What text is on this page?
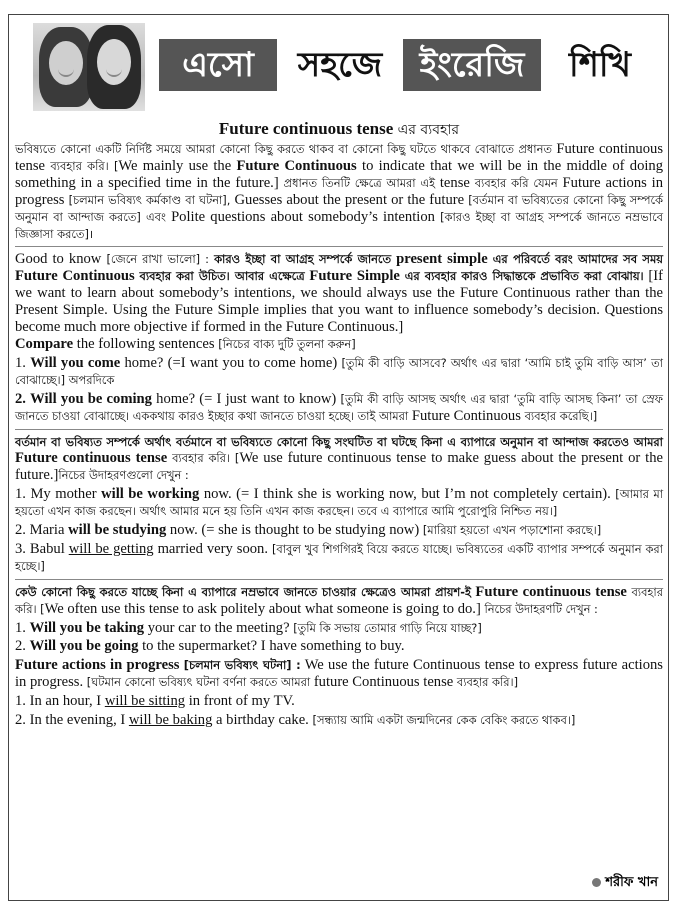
এসো	সহজে	ইংরেজি	শিখি
Future continuous tense এর ব্যবহার

ভবিষ্যতে কোনো একটি নির্দিষ্ট সময়ে আমরা কোনো কিছু করতে থাকব বা কোনো কিছু ঘটতে থাকবে বোঝাতে প্রধানত Future continuous tense ব্যবহার করি। [We mainly use the Future Continuous to indicate that we will be in the middle of doing something in a specified time in the future.] প্রধানত তিনটি ক্ষেত্রে আমরা এই tense ব্যবহার করি যেমন Future actions in progress [চলমান ভবিষ্যৎ কর্মকাণ্ড বা ঘটনা], Guesses about the present or the future [বর্তমান বা ভবিষ্যতের কোনো কিছু সম্পর্কে অনুমান বা আন্দাজ করতে] এবং Polite questions about somebody’s intention [কারও ইচ্ছা বা আগ্রহ সম্পর্কে জানতে নম্রভাবে জিজ্ঞাসা করতে]।

Good to know [জেনে রাখা ভালো] : কারও ইচ্ছা বা আগ্রহ সম্পর্কে জানতে present simple এর পরিবর্তে বরং আমাদের সব সময় Future Continuous ব্যবহার করা উচিত। আবার এক্ষেত্রে Future Simple এর ব্যবহার কারও সিদ্ধান্তকে প্রভাবিত করা বোঝায়। [If we want to learn about somebody’s intentions, we should always use the Future Continuous rather than the Present Simple. Using the Future Simple implies that you want to influence somebody’s decision. Questions become much more objective if formed in the Future Continuous.]
Compare the following sentences [নিচের বাক্য দুটি তুলনা করুন]

1. Will you come home? (=I want you to come home) [তুমি কী বাড়ি আসবে? অর্থাৎ এর দ্বারা ‘আমি চাই তুমি বাড়ি আস’ তা বোঝাচ্ছে।] অপরদিকে

2. Will you be coming home? (= I just want to know) [তুমি কী বাড়ি আসছ অর্থাৎ এর দ্বারা ‘তুমি বাড়ি আসছ কিনা’ তা স্রেফ জানতে চাওয়া বোঝাচ্ছে। এককথায় কারও ইচ্ছার কথা জানতে চাওয়া হচ্ছে। তাই আমরা Future Continuous ব্যবহার করেছি।]

বর্তমান বা ভবিষ্যত সম্পর্কে অর্থাৎ বর্তমানে বা ভবিষ্যতে কোনো কিছু সংঘটিত বা ঘটছে কিনা এ ব্যাপারে অনুমান বা আন্দাজ করতেও আমরা Future continuous tense ব্যবহার করি। [We use future continuous tense to make guess about the present or the future.]নিচের উদাহরণগুলো দেখুন :

1. My mother will be working now. (= I think she is working now, but I’m not completely certain). [আমার মা হয়তো এখন কাজ করছেন। অর্থাৎ আমার মনে হয় তিনি এখন কাজ করছেন। তবে এ ব্যাপারে আমি পুরোপুরি নিশ্চিত নয়।]

2. Maria will be studying now. (= she is thought to be studying now) [মারিয়া হয়তো এখন পড়াশোনা করছে।]

3. Babul will be getting married very soon. [বাবুল খুব শিগগিরই বিয়ে করতে যাচ্ছে। ভবিষ্যতের একটি ব্যাপার সম্পর্কে অনুমান করা হচ্ছে।]

কেউ কোনো কিছু করতে যাচ্ছে কিনা এ ব্যাপারে নম্রভাবে জানতে চাওয়ার ক্ষেত্রেও আমরা প্রায়শ-ই Future continuous tense ব্যবহার করি। [We often use this tense to ask politely about what someone is going to do.] নিচের উদাহরণটি দেখুন :

1. Will you be taking your car to the meeting? [তুমি কি সভায় তোমার গাড়ি নিয়ে যাচ্ছ?]

2. Will you be going to the supermarket? I have something to buy.

Future actions in progress [চলমান ভবিষ্যৎ ঘটনা] : We use the future Continuous tense to express future actions in progress. [ঘটমান কোনো ভবিষ্যৎ ঘটনা বর্ণনা করতে আমরা future Continuous tense ব্যবহার করি।]

1. In an hour, I will be sitting in front of my TV.

2. In the evening, I will be baking a birthday cake. [সন্ধ্যায় আমি একটা জন্মদিনের কেক বেকিং করতে থাকব।]

শরীফ খান
